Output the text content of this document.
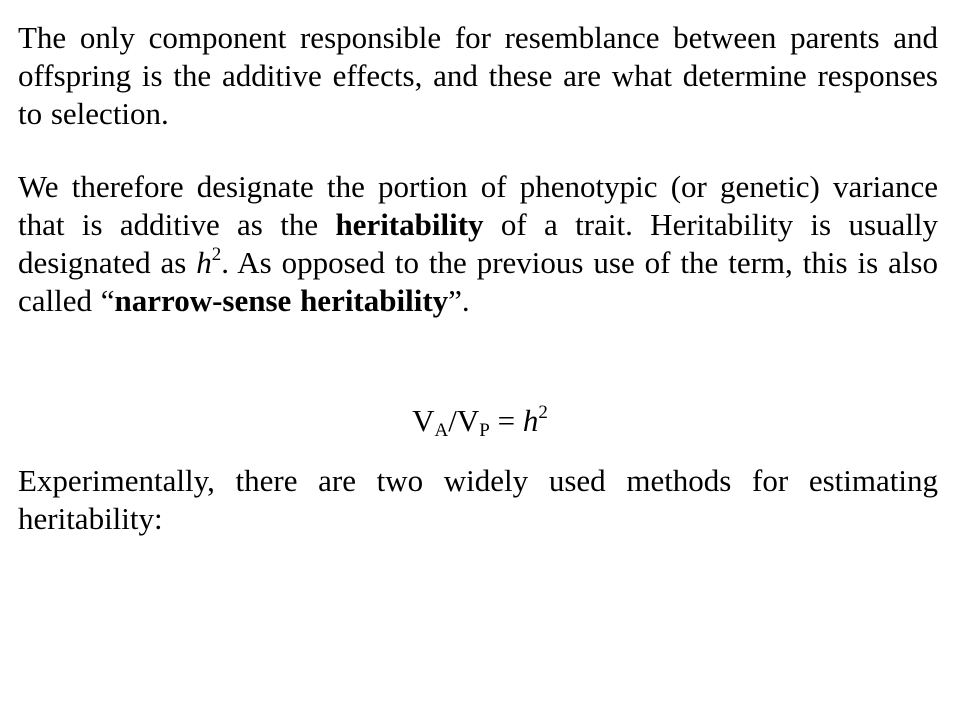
The only component responsible for resemblance between parents and offspring is the additive effects, and these are what determine responses to selection.

We therefore designate the portion of phenotypic (or genetic) variance that is additive as the heritability of a trait. Heritability is usually designated as $h^2$. As opposed to the previous use of the term, this is also called “narrow-sense heritability”.

$V_A/V_P = h^2$

Experimentally, there are two widely used methods for estimating heritability:
